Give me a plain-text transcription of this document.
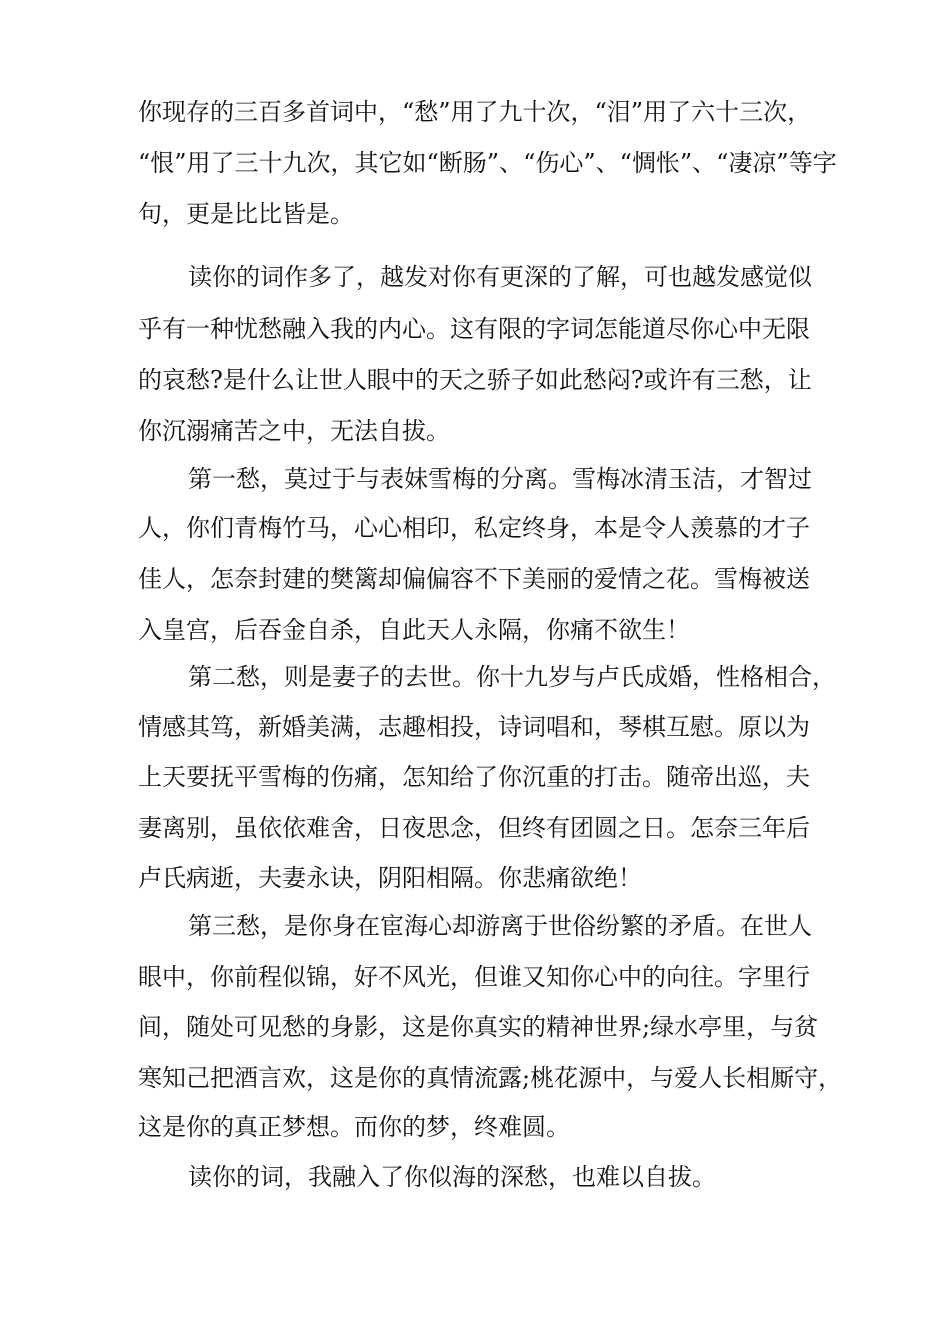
你现存的三百多首词中，“愁”用了九十次，“泪”用了六十三次，
“恨”用了三十九次，其它如“断肠”、“伤心”、“惆怅”、“凄凉”等字
句，更是比比皆是。
读你的词作多了，越发对你有更深的了解，可也越发感觉似
乎有一种忧愁融入我的内心。这有限的字词怎能道尽你心中无限
的哀愁?是什么让世人眼中的天之骄子如此愁闷?或许有三愁，让
你沉溺痛苦之中，无法自拔。
第一愁，莫过于与表妹雪梅的分离。雪梅冰清玉洁，才智过
人，你们青梅竹马，心心相印，私定终身，本是令人羡慕的才子
佳人，怎奈封建的樊篱却偏偏容不下美丽的爱情之花。雪梅被送
入皇宫，后吞金自杀，自此天人永隔，你痛不欲生！
第二愁，则是妻子的去世。你十九岁与卢氏成婚，性格相合，
情感其笃，新婚美满，志趣相投，诗词唱和，琴棋互慰。原以为
上天要抚平雪梅的伤痛，怎知给了你沉重的打击。随帝出巡，夫
妻离别，虽依依难舍，日夜思念，但终有团圆之日。怎奈三年后
卢氏病逝，夫妻永诀，阴阳相隔。你悲痛欲绝！
第三愁，是你身在宦海心却游离于世俗纷繁的矛盾。在世人
眼中，你前程似锦，好不风光，但谁又知你心中的向往。字里行
间，随处可见愁的身影，这是你真实的精神世界;绿水亭里，与贫
寒知己把酒言欢，这是你的真情流露;桃花源中，与爱人长相厮守，
这是你的真正梦想。而你的梦，终难圆。
读你的词，我融入了你似海的深愁，也难以自拔。
